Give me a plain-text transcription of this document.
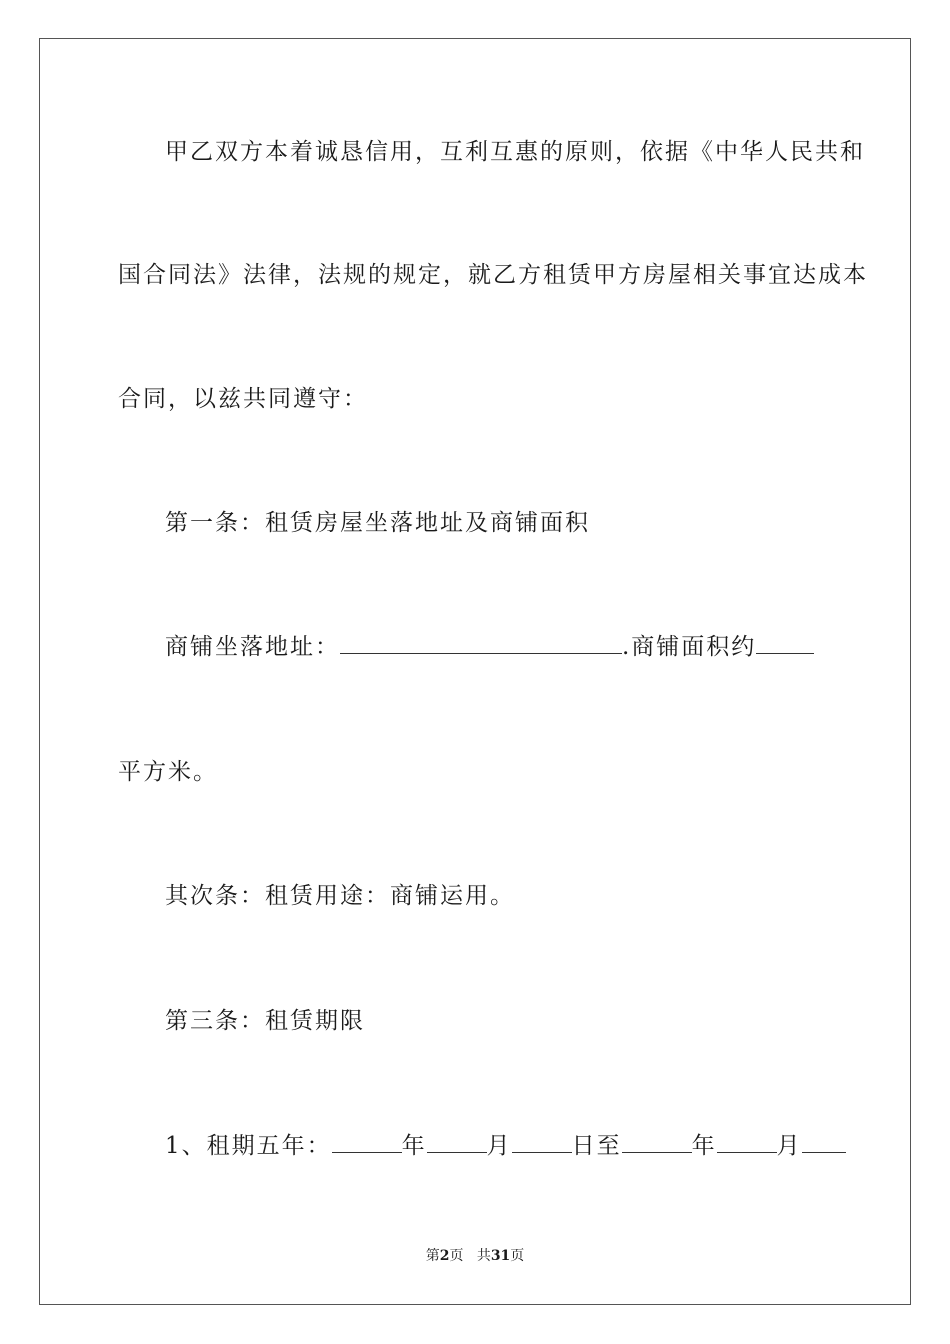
甲乙双方本着诚恳信用，互利互惠的原则，依据《中华人民共和
国合同法》法律，法规的规定，就乙方租赁甲方房屋相关事宜达成本
合同，以兹共同遵守：
第一条：租赁房屋坐落地址及商铺面积
商铺坐落地址：	.商铺面积约
平方米。
其次条：租赁用途：商铺运用。
第三条：租赁期限
1、租期五年：	年	月	日至	年	月
第2页 共31页
